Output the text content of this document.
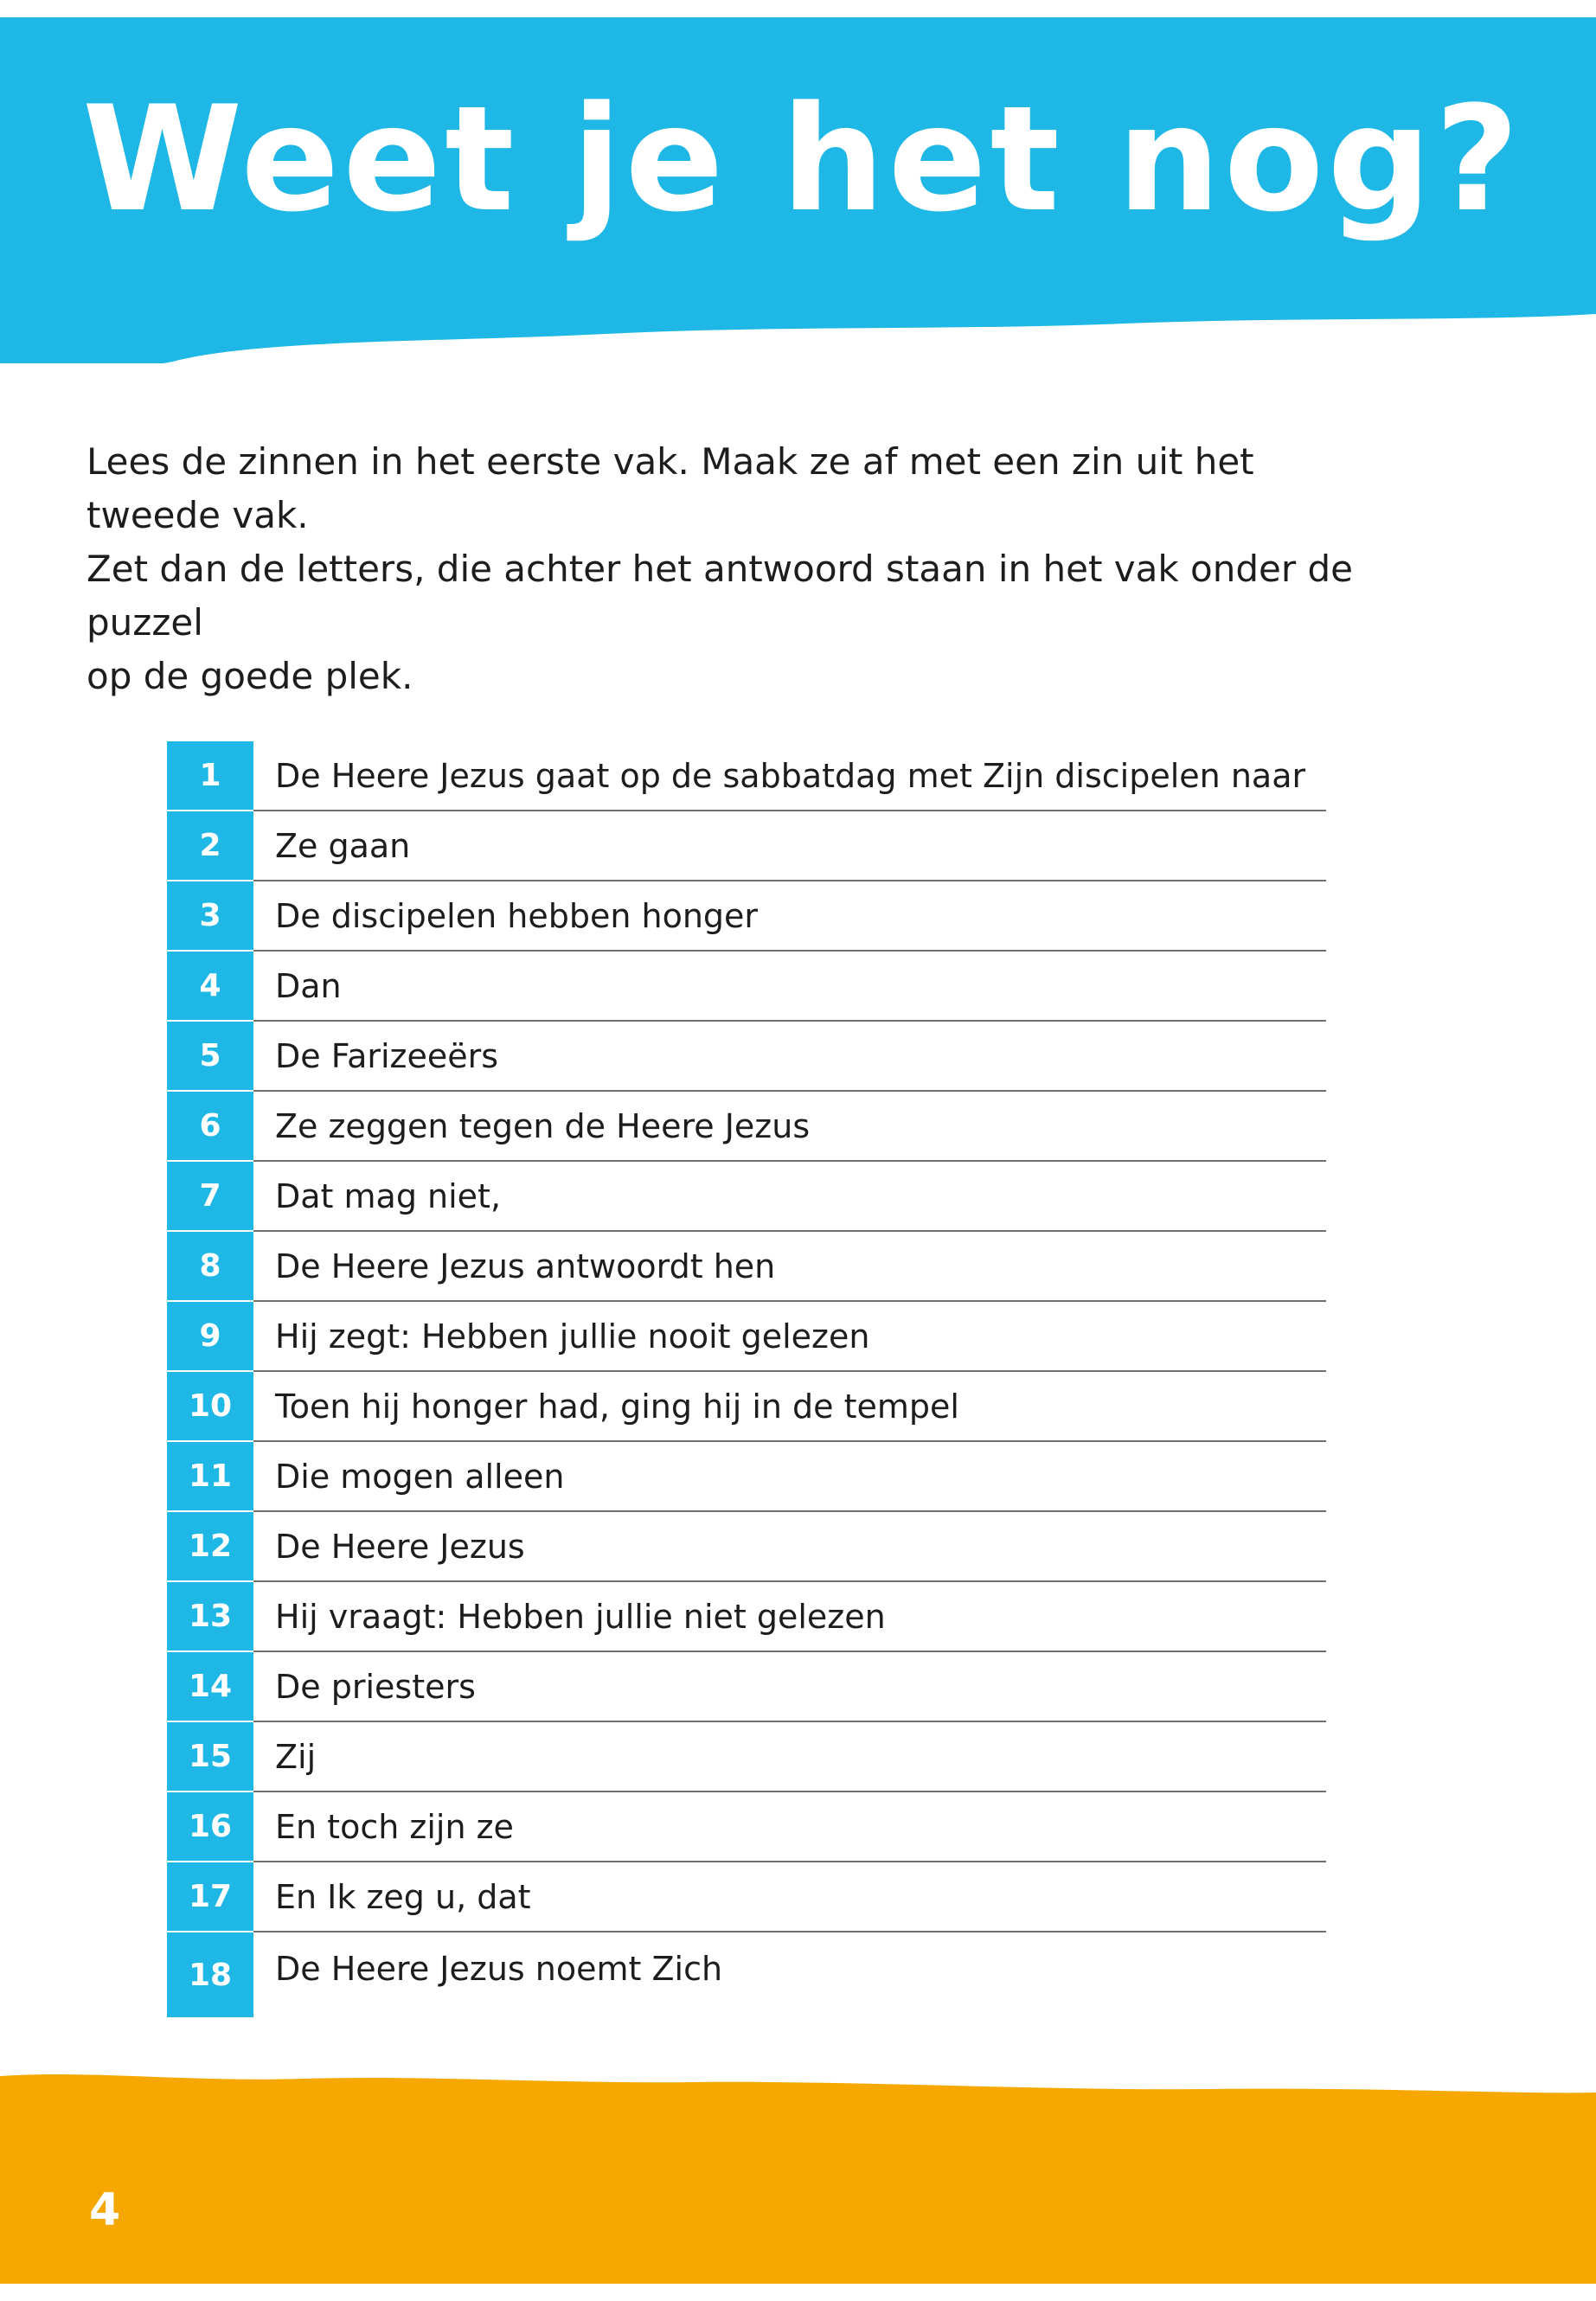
Weet je het nog?

Lees de zinnen in het eerste vak. Maak ze af met een zin uit het tweede vak.

Zet dan de letters, die achter het antwoord staan in het vak onder de puzzel

op de goede plek.

1	De Heere Jezus gaat op de sabbatdag met Zijn discipelen naar
2	Ze gaan
3	De discipelen hebben honger
4	Dan
5	De Farizeeërs
6	Ze zeggen tegen de Heere Jezus
7	Dat mag niet,
8	De Heere Jezus antwoordt hen
9	Hij zegt: Hebben jullie nooit gelezen
10	Toen hij honger had, ging hij in de tempel
11	Die mogen alleen
12	De Heere Jezus
13	Hij vraagt: Hebben jullie niet gelezen
14	De priesters
15	Zij
16	En toch zijn ze
17	En Ik zeg u, dat
18	De Heere Jezus noemt Zich
4
